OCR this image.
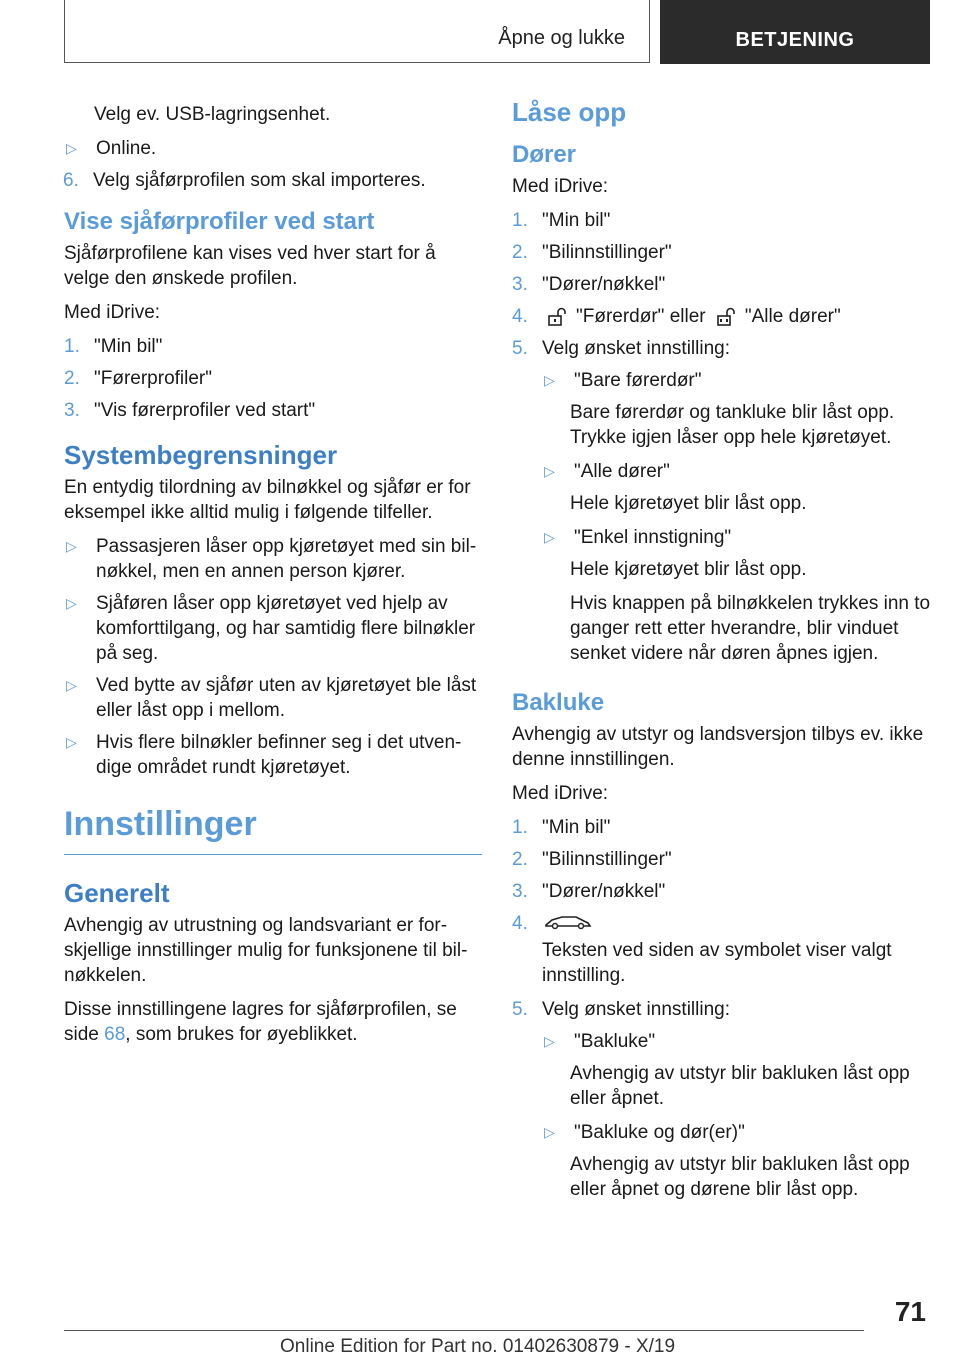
Åpne og lukke	BETJENING

Velg ev. USB-lagringsenhet.

▷	Online.
6. Velg sjåførprofilen som skal importeres.
Vise sjåførprofiler ved start

Sjåførprofilene kan vises ved hver start for å velge den ønskede profilen.

Med iDrive:

1. "Min bil"
2. "Førerprofiler"
3. "Vis førerprofiler ved start"
Systembegrensninger

En entydig tilordning av bilnøkkel og sjåfør er for eksempel ikke alltid mulig i følgende tilfeller.

▷	Passasjeren låser opp kjøretøyet med sin bil-nøkkel, men en annen person kjører.
▷	Sjåføren låser opp kjøretøyet ved hjelp av komforttilgang, og har samtidig flere bilnøkler på seg.
▷	Ved bytte av sjåfør uten av kjøretøyet ble låst eller låst opp i mellom.
▷	Hvis flere bilnøkler befinner seg i det utven-dige området rundt kjøretøyet.
Innstillinger
Generelt

Avhengig av utrustning og landsvariant er for-skjellige innstillinger mulig for funksjonene til bil-nøkkelen.

Disse innstillingene lagres for sjåførprofilen, se side 68, som brukes for øyeblikket.

Låse opp
Dører

Med iDrive:

1. "Min bil"
2. "Bilinnstillinger"
3. "Dører/nøkkel"
4.	"Førerdør" eller "Alle dører"
5. Velg ønsket innstilling:
▷	"Bare førerdør"

Bare førerdør og tankluke blir låst opp. Trykke igjen låser opp hele kjøretøyet.

▷	"Alle dører"

Hele kjøretøyet blir låst opp.

▷	"Enkel innstigning"

Hele kjøretøyet blir låst opp.

Hvis knappen på bilnøkkelen trykkes inn to ganger rett etter hverandre, blir vinduet senket videre når døren åpnes igjen.

Bakluke

Avhengig av utstyr og landsversjon tilbys ev. ikke denne innstillingen.

Med iDrive:

1. "Min bil"
2. "Bilinnstillinger"
3. "Dører/nøkkel"
4.

Teksten ved siden av symbolet viser valgt innstilling.

5. Velg ønsket innstilling:
▷	"Bakluke"

Avhengig av utstyr blir bakluken låst opp eller åpnet.

▷	"Bakluke og dør(er)"

Avhengig av utstyr blir bakluken låst opp eller åpnet og dørene blir låst opp.

71
Online Edition for Part no. 01402630879 - X/19
